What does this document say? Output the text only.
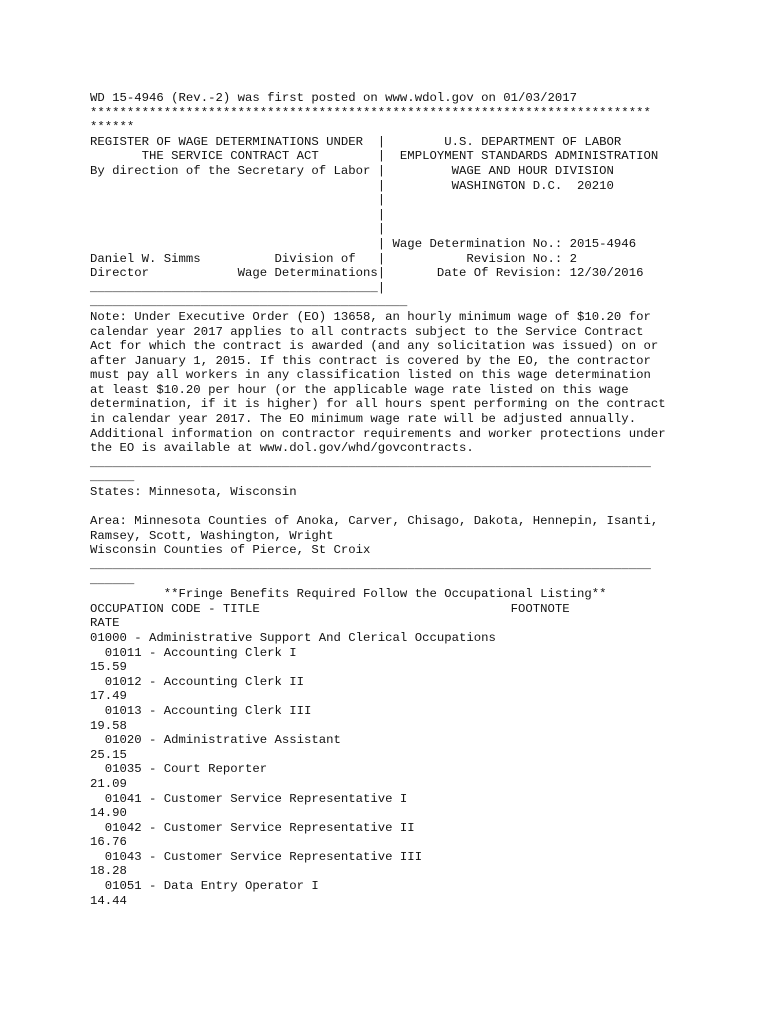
WD 15-4946 (Rev.-2) was first posted on www.wdol.gov on 01/03/2017
****************************************************************************
******
REGISTER OF WAGE DETERMINATIONS UNDER  |        U.S. DEPARTMENT OF LABOR
THE SERVICE CONTRACT ACT        |  EMPLOYMENT STANDARDS ADMINISTRATION
By direction of the Secretary of Labor |         WAGE AND HOUR DIVISION
|         WASHINGTON D.C.  20210
|
|
|
| Wage Determination No.: 2015-4946
Daniel W. Simms          Division of   |           Revision No.: 2
Director            Wage Determinations|       Date Of Revision: 12/30/2016
_______________________________________|
___________________________________________
Note: Under Executive Order (EO) 13658, an hourly minimum wage of $10.20 for
calendar year 2017 applies to all contracts subject to the Service Contract
Act for which the contract is awarded (and any solicitation was issued) on or
after January 1, 2015. If this contract is covered by the EO, the contractor
must pay all workers in any classification listed on this wage determination
at least $10.20 per hour (or the applicable wage rate listed on this wage
determination, if it is higher) for all hours spent performing on the contract
in calendar year 2017. The EO minimum wage rate will be adjusted annually.
Additional information on contractor requirements and worker protections under
the EO is available at www.dol.gov/whd/govcontracts.
____________________________________________________________________________
______
States: Minnesota, Wisconsin

Area: Minnesota Counties of Anoka, Carver, Chisago, Dakota, Hennepin, Isanti,
Ramsey, Scott, Washington, Wright
Wisconsin Counties of Pierce, St Croix
____________________________________________________________________________
______
**Fringe Benefits Required Follow the Occupational Listing**
OCCUPATION CODE - TITLE                                  FOOTNOTE
RATE
01000 - Administrative Support And Clerical Occupations
01011 - Accounting Clerk I
15.59
01012 - Accounting Clerk II
17.49
01013 - Accounting Clerk III
19.58
01020 - Administrative Assistant
25.15
01035 - Court Reporter
21.09
01041 - Customer Service Representative I
14.90
01042 - Customer Service Representative II
16.76
01043 - Customer Service Representative III
18.28
01051 - Data Entry Operator I
14.44
